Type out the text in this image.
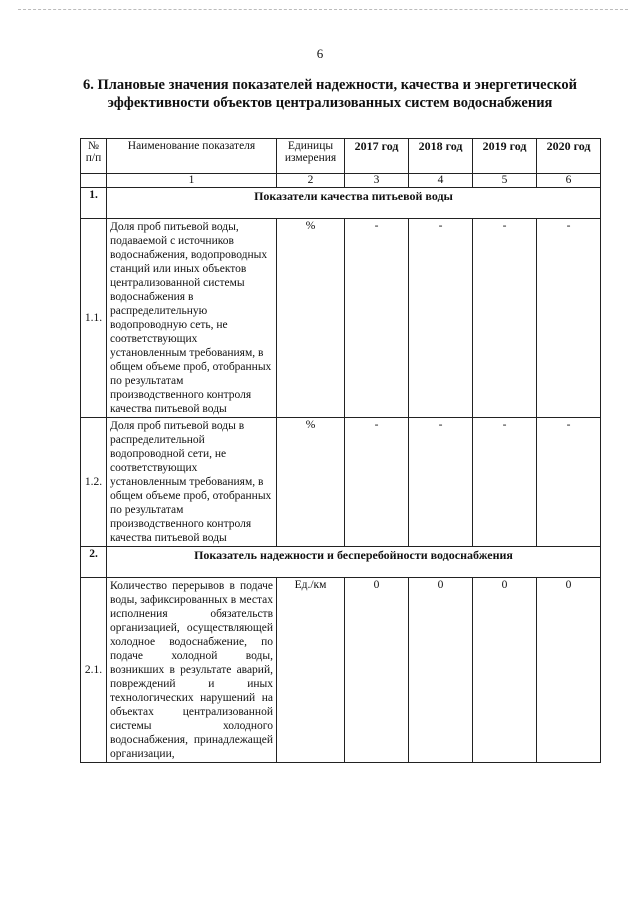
6
6. Плановые значения показателей надежности, качества и энергетической эффективности объектов централизованных систем водоснабжения
№ п/п	Наименование показателя	Единицы измерения	2017 год	2018 год	2019 год	2020 год
	1	2	3	4	5	6
1.	Показатели качества питьевой воды					
1.1.	Доля проб питьевой воды, подаваемой с источников водоснабжения, водопроводных станций или иных объектов централизованной системы водоснабжения в распределительную водопроводную сеть, не соответствующих установленным требованиям, в общем объеме проб, отобранных по результатам производственного контроля качества питьевой воды	%	-	-	-	-
1.2.	Доля проб питьевой воды в распределительной водопроводной сети, не соответствующих установленным требованиям, в общем объеме проб, отобранных по результатам производственного контроля качества питьевой воды	%	-	-	-	-
2.	Показатель надежности и бесперебойности водоснабжения					
2.1.	Количество перерывов в подаче воды, зафиксированных в местах исполнения обязательств организацией, осуществляющей холодное водоснабжение, по подаче холодной воды, возникших в результате аварий, повреждений и иных технологических нарушений на объектах централизованной системы холодного водоснабжения, принадлежащей организации,	Ед./км	0	0	0	0
